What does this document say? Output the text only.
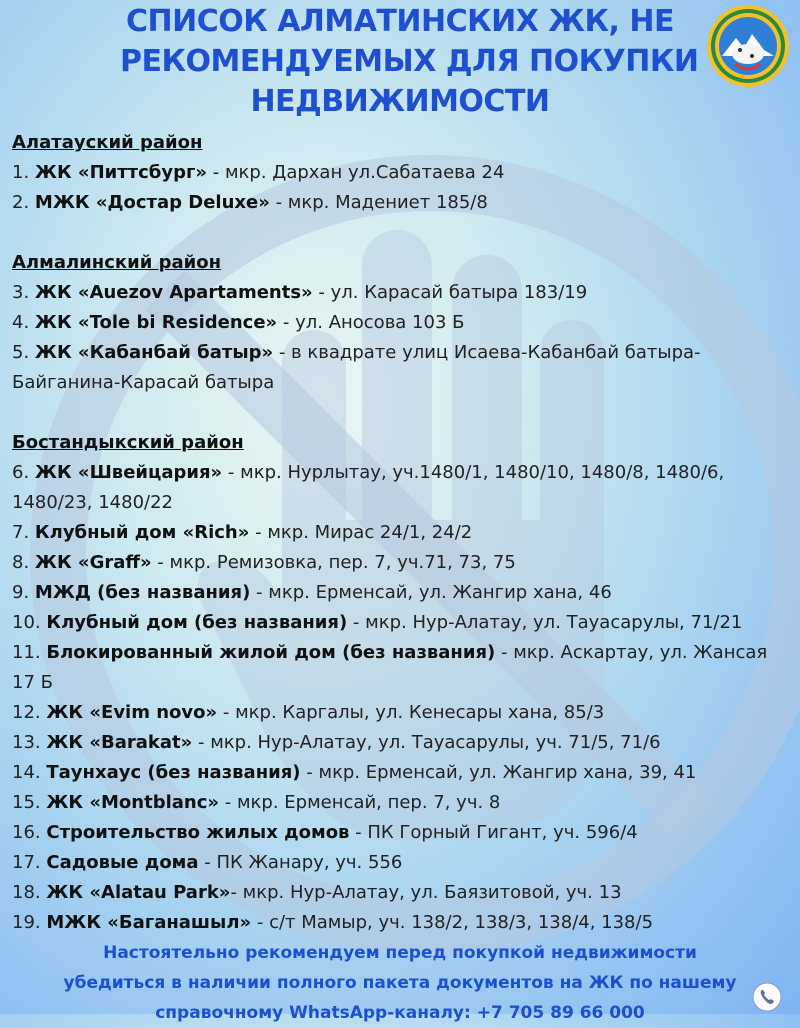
СПИСОК АЛМАТИНСКИХ ЖК, НЕ
РЕКОМЕНДУЕМЫХ ДЛЯ ПОКУПКИ
НЕДВИЖИМОСТИ
Алатауский район
1. ЖК «Питтсбург» - мкр. Дархан ул.Сабатаева 24
2. МЖК «Достар Deluxe» - мкр. Мадениет 185/8
Алмалинский район
3. ЖК «Auezov Apartaments» - ул. Карасай батыра 183/19
4. ЖК «Tole bi Residence» - ул. Аносова 103 Б
5. ЖК «Кабанбай батыр» - в квадрате улиц Исаева-Кабанбай батыра-
Байганина-Карасай батыра
Бостандыкский район
6. ЖК «Швейцария» - мкр. Нурлытау, уч.1480/1, 1480/10, 1480/8, 1480/6,
1480/23, 1480/22
7. Клубный дом «Rich» - мкр. Мирас 24/1, 24/2
8. ЖК «Graff» - мкр. Ремизовка, пер. 7, уч.71, 73, 75
9. МЖД (без названия) - мкр. Ерменсай, ул. Жангир хана, 46
10. Клубный дом (без названия) - мкр. Нур-Алатау, ул. Тауасарулы, 71/21
11. Блокированный жилой дом (без названия) - мкр. Аскартау, ул. Жансая
17 Б
12. ЖК «Evim novo» - мкр. Каргалы, ул. Кенесары хана, 85/3
13. ЖК «Barakat» - мкр. Нур-Алатау, ул. Тауасарулы, уч. 71/5, 71/6
14. Таунхаус (без названия) - мкр. Ерменсай, ул. Жангир хана, 39, 41
15. ЖК «Montblanc» - мкр. Ерменсай, пер. 7, уч. 8
16. Строительство жилых домов - ПК Горный Гигант, уч. 596/4
17. Садовые дома - ПК Жанару, уч. 556
18. ЖК «Alatau Park»- мкр. Нур-Алатау, ул. Баязитовой, уч. 13
19. МЖК «Баганашыл» - с/т Мамыр, уч. 138/2, 138/3, 138/4, 138/5
Настоятельно рекомендуем перед покупкой недвижимости
убедиться в наличии полного пакета документов на ЖК по нашему
справочному WhatsApp-каналу: +7 705 89 66 000
